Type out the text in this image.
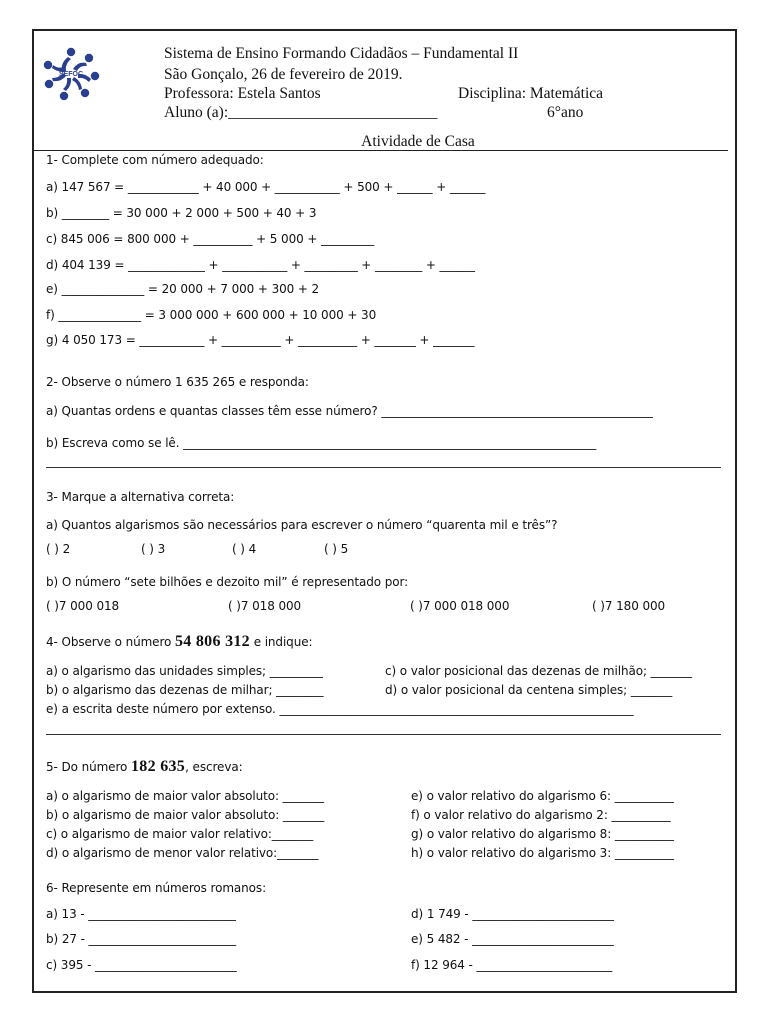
SEFOC
Sistema de Ensino Formando Cidadãos – Fundamental II
São Gonçalo, 26 de fevereiro de 2019.
Professora: Estela Santos	Disciplina: Matemática
Aluno (a):___________________________	6°ano
Atividade de Casa
1- Complete com número adequado:
a) 147 567 = ____________ + 40 000 + ___________ + 500 + ______ + ______
b) ________ = 30 000 + 2 000 + 500 + 40 + 3
c) 845 006 = 800 000 + __________ + 5 000 + _________
d) 404 139 = _____________ + ___________ + _________ + ________ + ______
e) ______________ = 20 000 + 7 000 + 300 + 2
f) ______________ = 3 000 000 + 600 000 + 10 000 + 30
g) 4 050 173 = ___________ + __________ + __________ + _______ + _______
2- Observe o número 1 635 265 e responda:
a) Quantas ordens e quantas classes têm esse número? ______________________________________________
b) Escreva como se lê. ______________________________________________________________________
3- Marque a alternativa correta:
a) Quantos algarismos são necessários para escrever o número “quarenta mil e três”?
( ) 2	( ) 3	( ) 4	( ) 5
b) O número “sete bilhões e dezoito mil” é representado por:
( )7 000 018	( )7 018 000	( )7 000 018 000	( )7 180 000
4- Observe o número 54 806 312 e indique:
a) o algarismo das unidades simples; _________	c) o valor posicional das dezenas de milhão; _______
b) o algarismo das dezenas de milhar; ________	d) o valor posicional da centena simples; _______
e) a escrita deste número por extenso. ____________________________________________________________
5- Do número 182 635, escreva:
a) o algarismo de maior valor absoluto: _______
b) o algarismo de maior valor absoluto: _______
c) o algarismo de maior valor relativo:_______
d) o algarismo de menor valor relativo:_______
e) o valor relativo do algarismo 6: __________
f) o valor relativo do algarismo 2: __________
g) o valor relativo do algarismo 8: __________
h) o valor relativo do algarismo 3: __________
6- Represente em números romanos:
a) 13 - _________________________
b) 27 - _________________________
c) 395 - ________________________
d) 1 749 - ________________________
e) 5 482 - ________________________
f) 12 964 - _______________________
